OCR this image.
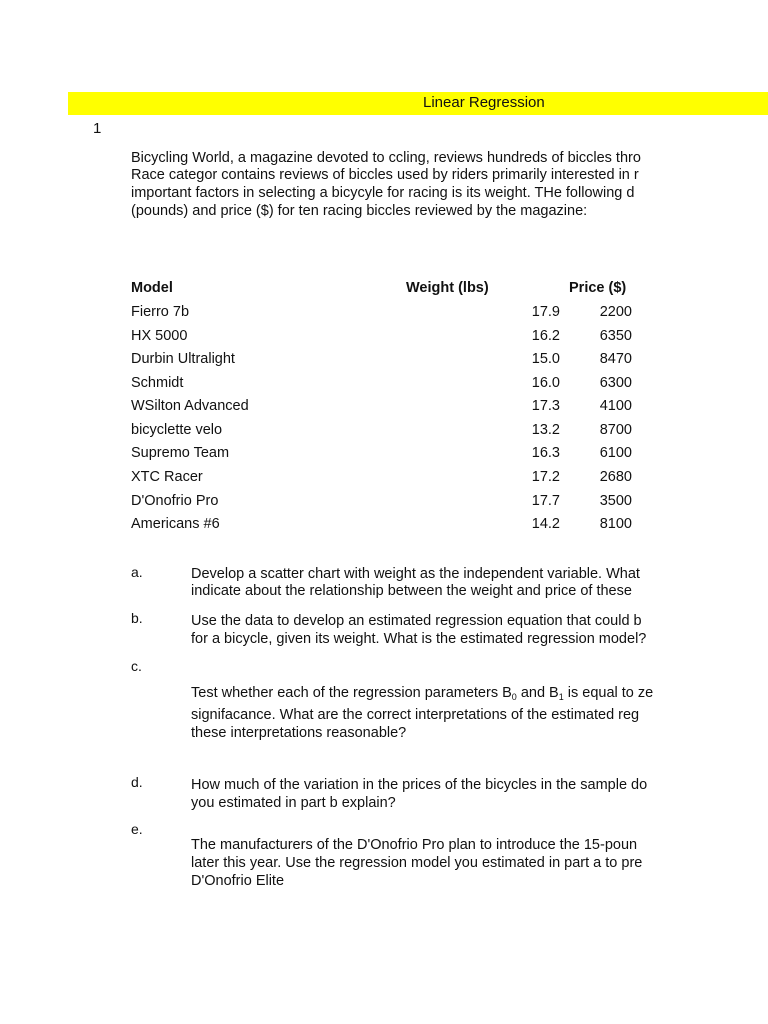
Linear Regression
1
Bicycling World, a magazine devoted to ccling, reviews hundreds of biccles thro
Race categor contains reviews of biccles used by riders primarily interested in r
important factors in selecting a bicycyle for racing is its weight. THe following d
(pounds) and price ($) for ten racing biccles reviewed by the magazine:
Model	Weight (lbs)	Price ($)
Fierro 7b	17.9	2200
HX 5000	16.2	6350
Durbin Ultralight	15.0	8470
Schmidt	16.0	6300
WSilton Advanced	17.3	4100
bicyclette velo	13.2	8700
Supremo Team	16.3	6100
XTC Racer	17.2	2680
D'Onofrio Pro	17.7	3500
Americans #6	14.2	8100
a.	Develop a scatter chart with weight as the independent variable. What
indicate about the relationship between the weight and price of these
b.	Use the data to develop an estimated regression equation that could b
for a bicycle, given its weight. What is the estimated regression model?
c.
Test whether each of the regression parameters $B_0$ and $B_1$ is equal to ze
signifacance. What are the correct interpretations of the estimated reg
these interpretations reasonable?
d.	How much of the variation in the prices of the bicycles in the sample do
you estimated in part b explain?
e.
The manufacturers of the D'Onofrio Pro plan to introduce the 15-poun
later this year. Use the regression model you estimated in part a to pre
D'Onofrio Elite
